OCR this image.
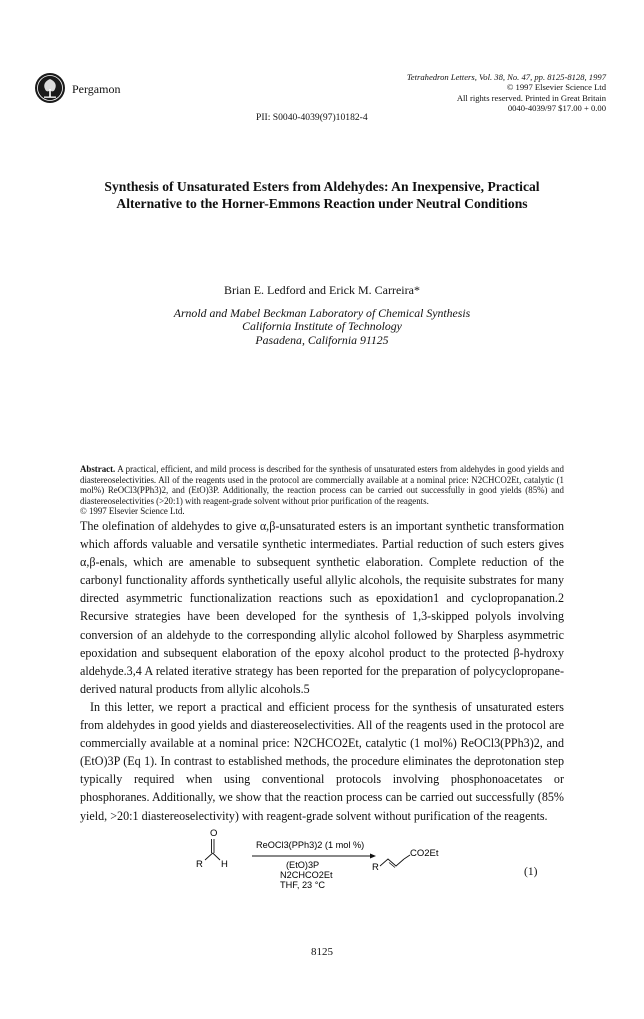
Pergamon
Tetrahedron Letters, Vol. 38, No. 47, pp. 8125-8128, 1997
© 1997 Elsevier Science Ltd
All rights reserved. Printed in Great Britain
0040-4039/97 $17.00 + 0.00
PII: S0040-4039(97)10182-4
Synthesis of Unsaturated Esters from Aldehydes: An Inexpensive, Practical Alternative to the Horner-Emmons Reaction under Neutral Conditions
Brian E. Ledford and Erick M. Carreira*
Arnold and Mabel Beckman Laboratory of Chemical Synthesis
California Institute of Technology
Pasadena, California 91125
Abstract. A practical, efficient, and mild process is described for the synthesis of unsaturated esters from aldehydes in good yields and diastereoselectivities. All of the reagents used in the protocol are commercially available at a nominal price: N2CHCO2Et, catalytic (1 mol%) ReOCl3(PPh3)2, and (EtO)3P. Additionally, the reaction process can be carried out successfully in good yields (85%) and diastereoselectivities (>20:1) with reagent-grade solvent without prior purification of the reagents.
© 1997 Elsevier Science Ltd.

The olefination of aldehydes to give α,β-unsaturated esters is an important synthetic transformation which affords valuable and versatile synthetic intermediates. Partial reduction of such esters gives α,β-enals, which are amenable to subsequent synthetic elaboration. Complete reduction of the carbonyl functionality affords synthetically useful allylic alcohols, the requisite substrates for many directed asymmetric functionalization reactions such as epoxidation1 and cyclopropanation.2 Recursive strategies have been developed for the synthesis of 1,3-skipped polyols involving conversion of an aldehyde to the corresponding allylic alcohol followed by Sharpless asymmetric epoxidation and subsequent elaboration of the epoxy alcohol product to the protected β-hydroxy aldehyde.3,4 A related iterative strategy has been reported for the preparation of polycyclopropane-derived natural products from allylic alcohols.5

In this letter, we report a practical and efficient process for the synthesis of unsaturated esters from aldehydes in good yields and diastereoselectivities. All of the reagents used in the protocol are commercially available at a nominal price: N2CHCO2Et, catalytic (1 mol%) ReOCl3(PPh3)2, and (EtO)3P (Eq 1). In contrast to established methods, the procedure eliminates the deprotonation step typically required when using conventional protocols involving phosphonoacetates or phosphoranes. Additionally, we show that the reaction process can be carried out successfully (85% yield, >20:1 diastereoselectivity) with reagent-grade solvent without purification of the reagents.

O
R H
ReOCl3(PPh3)2 (1 mol %)
(EtO)3P
N2CHCO2Et
THF, 23 °C
R
CO2Et
(1)
8125
